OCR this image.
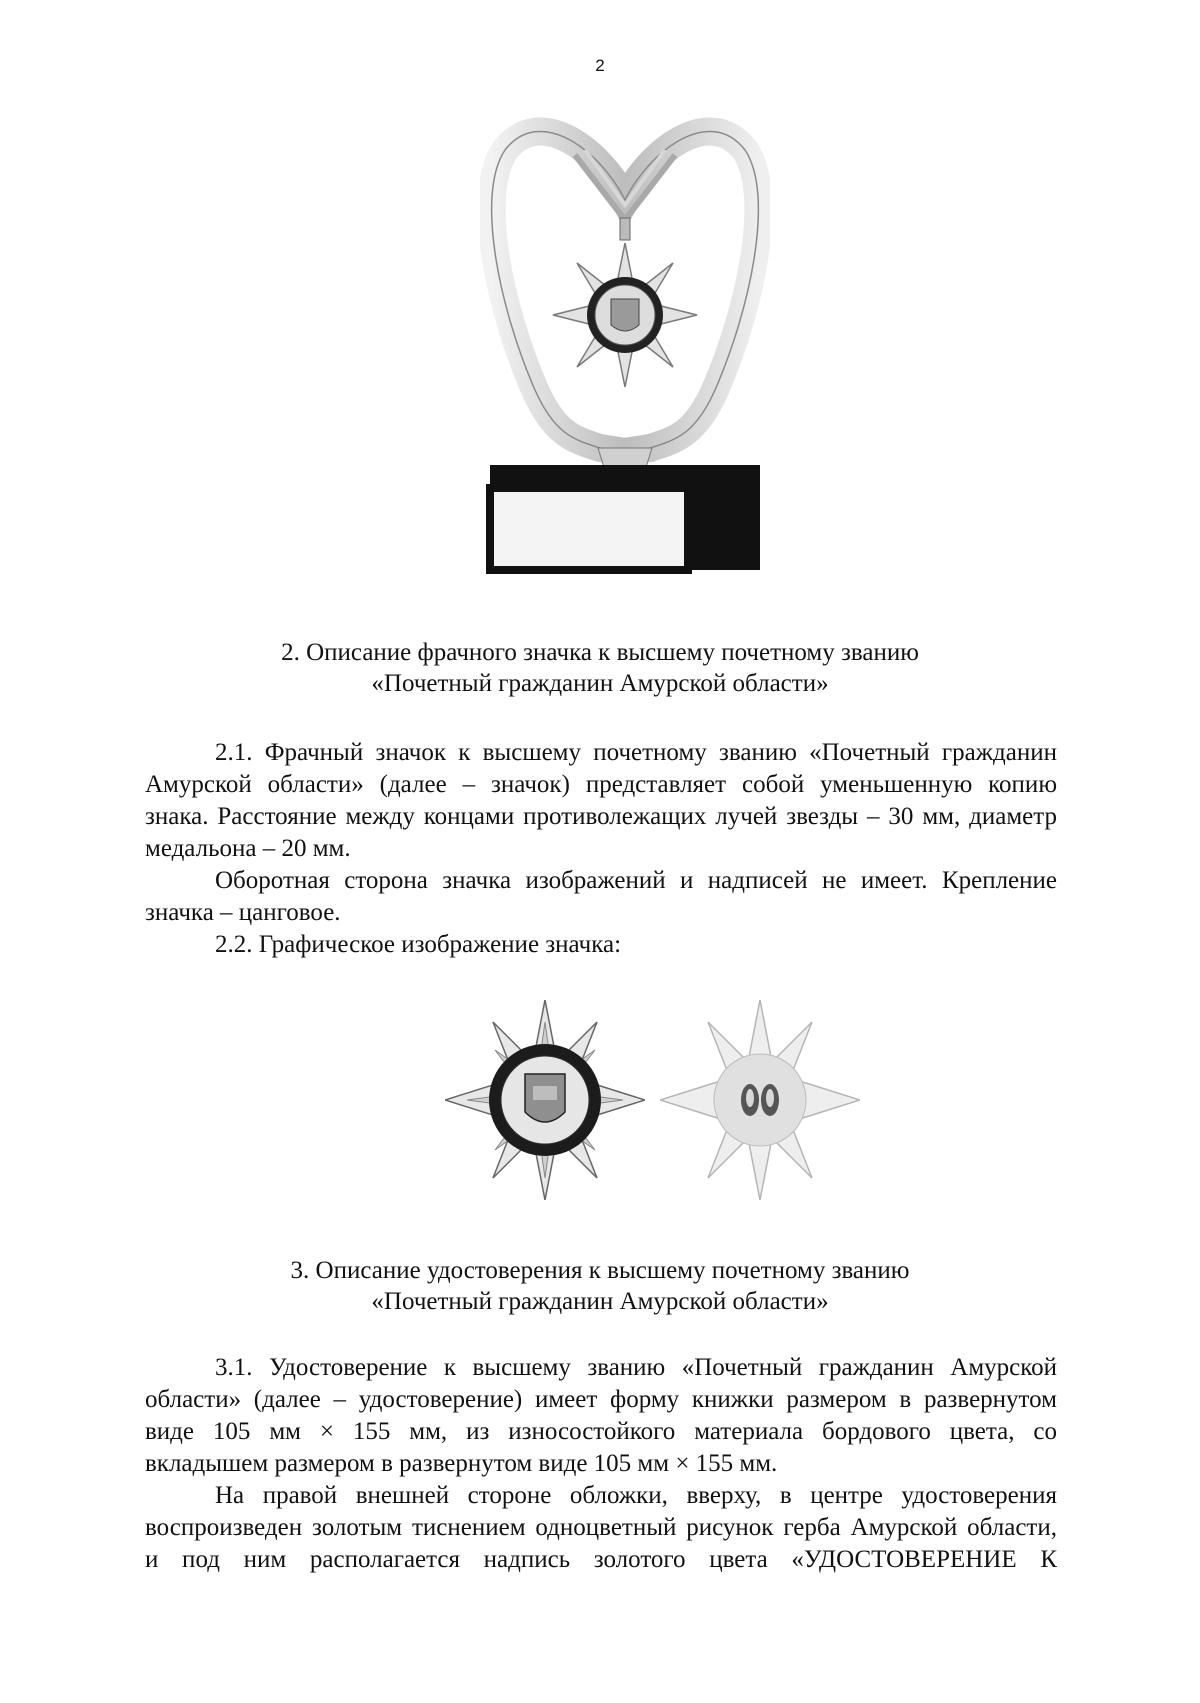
2
2. Описание фрачного значка к высшему почетному званию
«Почетный гражданин Амурской области»

2.1. Фрачный значок к высшему почетному званию «Почетный гражданин

Амурской области» (далее – значок) представляет собой уменьшенную копию

знака. Расстояние между концами противолежащих лучей звезды – 30 мм, диаметр

медальона – 20 мм.

Оборотная сторона значка изображений и надписей не имеет. Крепление

значка – цанговое.

2.2. Графическое изображение значка:

3. Описание удостоверения к высшему почетному званию
«Почетный гражданин Амурской области»

3.1. Удостоверение к высшему званию «Почетный гражданин Амурской

области» (далее – удостоверение) имеет форму книжки размером в развернутом

виде 105 мм × 155 мм, из износостойкого материала бордового цвета, со

вкладышем размером в развернутом виде 105 мм × 155 мм.

На правой внешней стороне обложки, вверху, в центре удостоверения

воспроизведен золотым тиснением одноцветный рисунок герба Амурской области,

и под ним располагается надпись золотого цвета «УДОСТОВЕРЕНИЕ К
